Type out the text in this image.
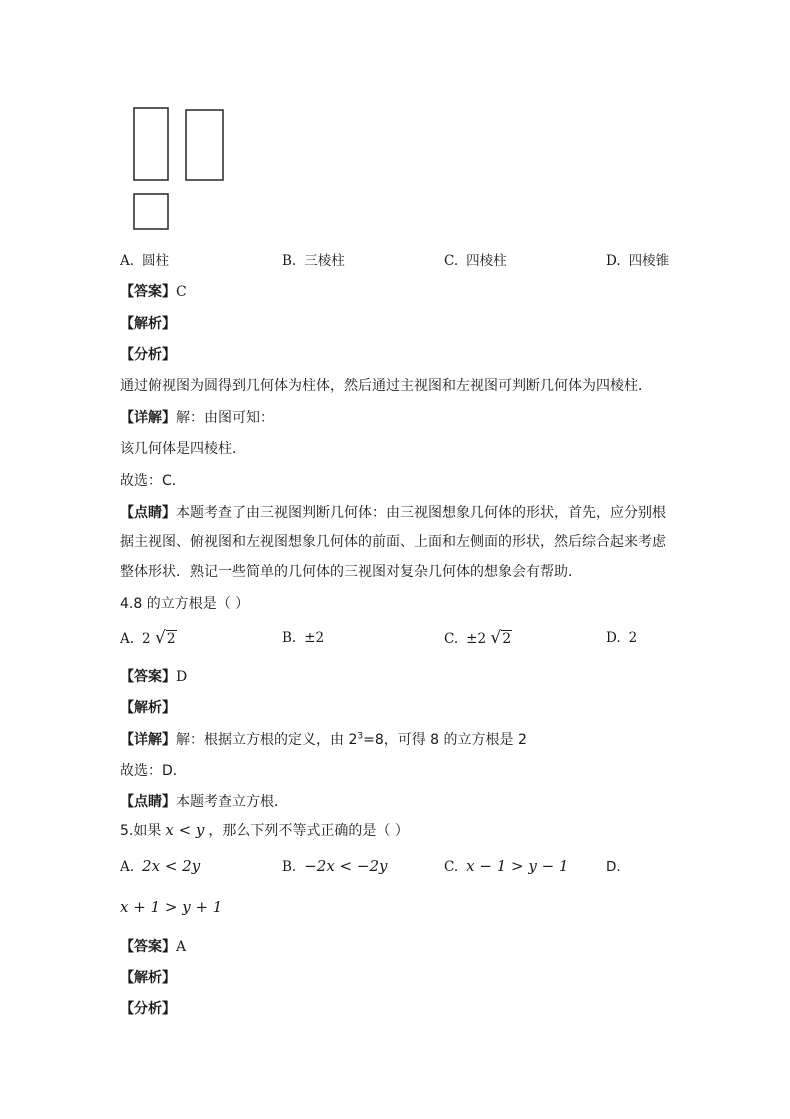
A. 圆柱	B. 三棱柱	C. 四棱柱	D. 四棱锥
【答案】C
【解析】
【分析】
通过俯视图为圆得到几何体为柱体，然后通过主视图和左视图可判断几何体为四棱柱．
【详解】解：由图可知：
该几何体是四棱柱．
故选：C．
【点睛】本题考查了由三视图判断几何体：由三视图想象几何体的形状，首先，应分别根
据主视图、俯视图和左视图想象几何体的前面、上面和左侧面的形状，然后综合起来考虑
整体形状．熟记一些简单的几何体的三视图对复杂几何体的想象会有帮助．
4.8 的立方根是（ ）
A. 2 √2	B. ±2	C. ±2 √2	D. 2
【答案】D
【解析】
【详解】解：根据立方根的定义，由 $2^3=8$，可得 8 的立方根是 2
故选：D．
【点睛】本题考查立方根．
5.如果 x < y ，那么下列不等式正确的是（ ）
A. 2x < 2y	B. −2x < −2y	C. x − 1 > y − 1	D.
x + 1 > y + 1
【答案】A
【解析】
【分析】
